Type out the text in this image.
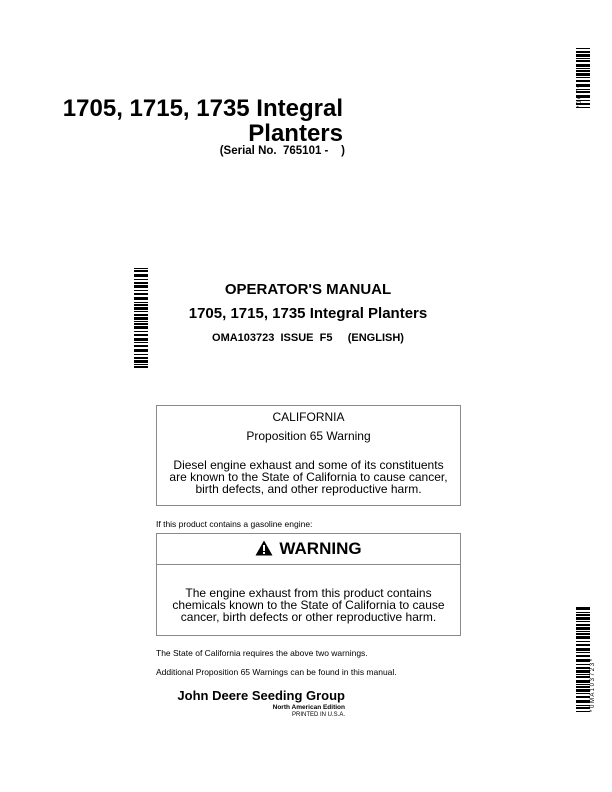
1705, 1715, 1735 Integral
Planters
(Serial No.  765101 -    )
* 0 C T *
* 0 M A 1 0 3 7 2 3 *
OPERATOR'S MANUAL
1705, 1715, 1735 Integral Planters
OMA103723  ISSUE  F5     (ENGLISH)
CALIFORNIA
Proposition 65 Warning
Diesel engine exhaust and some of its constituents are known to the State of California to cause cancer, birth defects, and other reproductive harm.
If this product contains a gasoline engine:
WARNING
The engine exhaust from this product contains chemicals known to the State of California to cause cancer, birth defects or other reproductive harm.
The State of California requires the above two warnings.
Additional Proposition 65 Warnings can be found in this manual.
John Deere Seeding Group
North American Edition
PRINTED IN U.S.A.
